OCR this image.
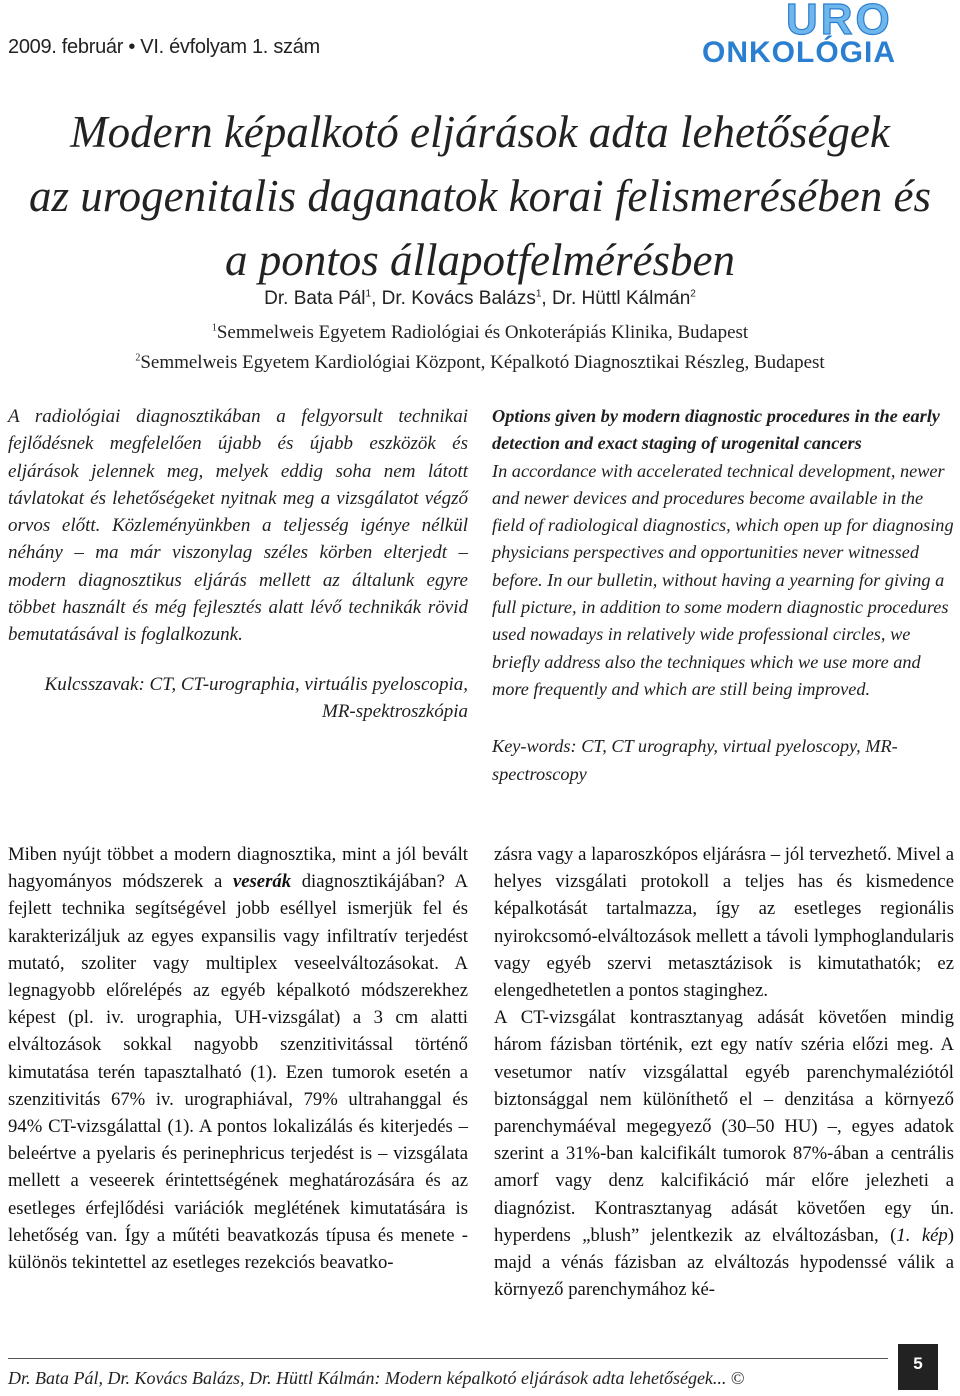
2009. február • VI. évfolyam 1. szám
URO
ONKOLÓGIA
Modern képalkotó eljárások adta lehetőségek
az urogenitalis daganatok korai felismerésében és
a pontos állapotfelmérésben
Dr. Bata Pál$^1$, Dr. Kovács Balázs$^1$, Dr. Hüttl Kálmán$^2$
$^1$Semmelweis Egyetem Radiológiai és Onkoterápiás Klinika, Budapest
$^2$Semmelweis Egyetem Kardiológiai Központ, Képalkotó Diagnosztikai Részleg, Budapest
A radiológiai diagnosztikában a felgyorsult technikai fejlődésnek megfelelően újabb és újabb eszközök és eljárások jelennek meg, melyek eddig soha nem látott távlatokat és lehetőségeket nyitnak meg a vizsgálatot végző orvos előtt. Közleményünkben a teljesség igénye nélkül néhány – ma már viszonylag széles körben elterjedt – modern diagnosztikus eljárás mellett az általunk egyre többet használt és még fejlesztés alatt lévő technikák rövid bemutatásával is foglalkozunk.
Kulcsszavak: CT, CT-urographia, virtuális pyeloscopia, MR-spektroszkópia
Options given by modern diagnostic procedures in the early detection and exact staging of urogenital cancers
In accordance with accelerated technical development, newer and newer devices and procedures become available in the field of radiological diagnostics, which open up for diagnosing physicians perspectives and opportunities never witnessed before. In our bulletin, without having a yearning for giving a full picture, in addition to some modern diagnostic procedures used nowadays in relatively wide professional circles, we briefly address also the techniques which we use more and more frequently and which are still being improved.
Key-words: CT, CT urography, virtual pyeloscopy, MR-spectroscopy

Miben nyújt többet a modern diagnosztika, mint a jól bevált hagyományos módszerek a veserák diagnosztikájában? A fejlett technika segítségével jobb eséllyel ismerjük fel és karakterizáljuk az egyes expansilis vagy infiltratív terjedést mutató, szoliter vagy multiplex veseelváltozásokat. A legnagyobb előrelépés az egyéb képalkotó módszerekhez képest (pl. iv. urographia, UH-vizsgálat) a 3 cm alatti elváltozások sokkal nagyobb szenzitivitással történő kimutatása terén tapasztalható (1). Ezen tumorok esetén a szenzitivitás 67% iv. urographiával, 79% ultrahanggal és 94% CT-vizsgálattal (1). A pontos lokalizálás és kiterjedés – beleértve a pyelaris és perinephricus terjedést is – vizsgálata mellett a veseerek érintettségének meghatározására és az esetleges érfejlődési variációk meglétének kimutatására is lehetőség van. Így a műtéti beavatkozás típusa és menete - különös tekintettel az esetleges rezekciós beavatko-

zásra vagy a laparoszkópos eljárásra – jól tervezhető. Mivel a helyes vizsgálati protokoll a teljes has és kismedence képalkotását tartalmazza, így az esetleges regionális nyirokcsomó-elváltozások mellett a távoli lymphoglandularis vagy egyéb szervi metasztázisok is kimutathatók; ez elengedhetetlen a pontos staginghez.

A CT-vizsgálat kontrasztanyag adását követően mindig három fázisban történik, ezt egy natív széria előzi meg. A vesetumor natív vizsgálattal egyéb parenchymaléziótól biztonsággal nem különíthető el – denzitása a környező parenchymáéval megegyező (30–50 HU) –, egyes adatok szerint a 31%-ban kalcifikált tumorok 87%-ában a centrális amorf vagy denz kalcifikáció már előre jelezheti a diagnózist. Kontrasztanyag adását követően egy ún. hyperdens „blush” jelentkezik az elváltozásban, (1. kép) majd a vénás fázisban az elváltozás hypodenssé válik a környező parenchymához ké-

Dr. Bata Pál, Dr. Kovács Balázs, Dr. Hüttl Kálmán: Modern képalkotó eljárások adta lehetőségek... ©
5
